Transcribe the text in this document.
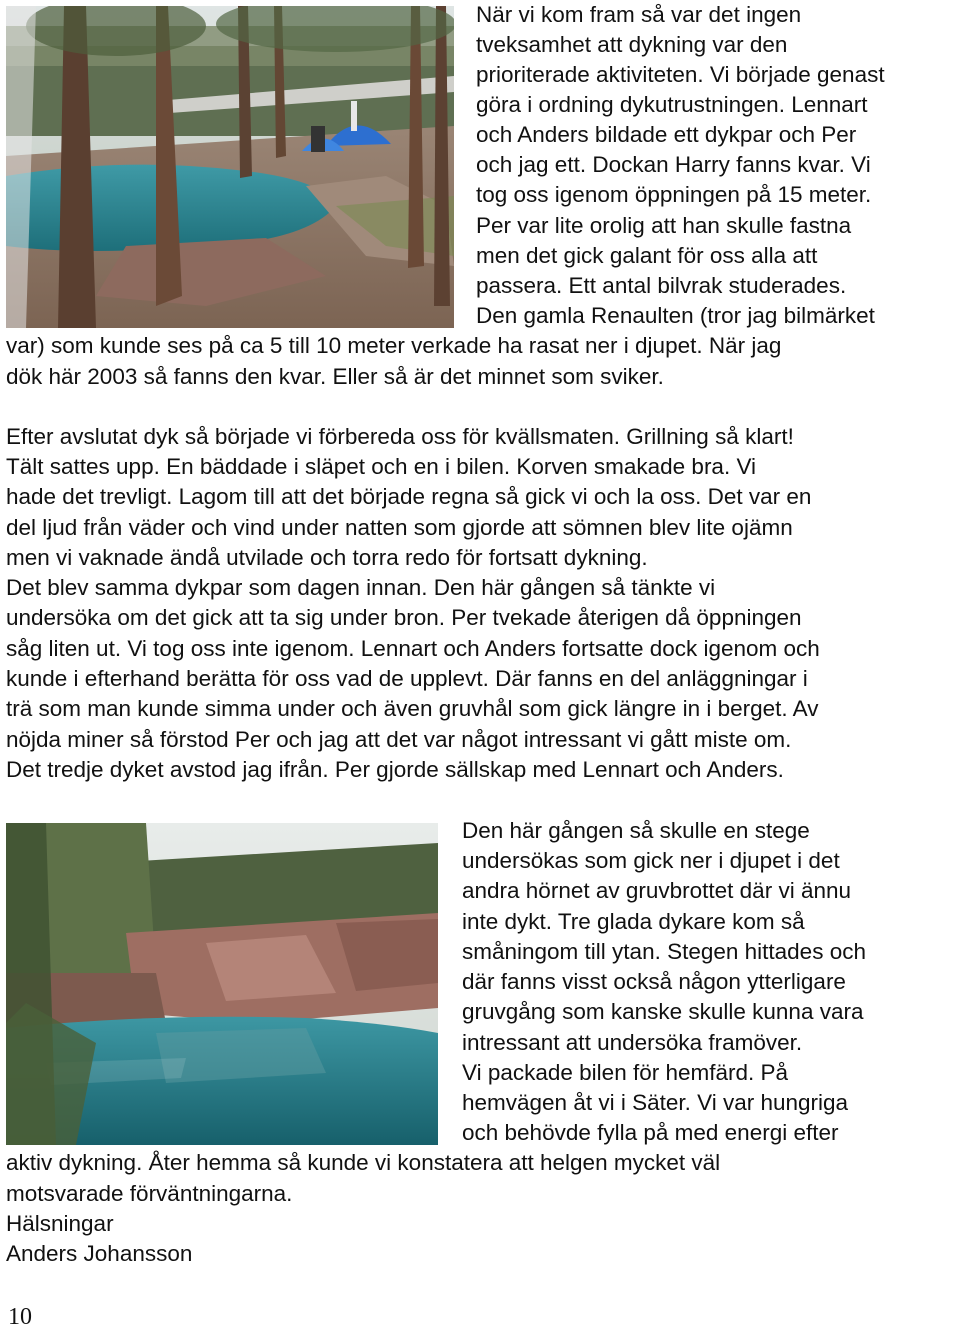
När vi kom fram så var det ingen

tveksamhet att dykning var den

prioriterade aktiviteten. Vi började genast

göra i ordning dykutrustningen. Lennart

och Anders bildade ett dykpar och Per

och jag ett. Dockan Harry fanns kvar. Vi

tog oss igenom öppningen på 15 meter.

Per var lite orolig att han skulle fastna

men det gick galant för oss alla att

passera. Ett antal bilvrak studerades.

Den gamla Renaulten (tror jag bilmärket

var) som kunde ses på ca 5 till 10 meter verkade ha rasat ner i djupet. När jag

dök här 2003 så fanns den kvar. Eller så är det minnet som sviker.

Efter avslutat dyk så började vi förbereda oss för kvällsmaten. Grillning så klart!

Tält sattes upp. En bäddade i släpet och en i bilen. Korven smakade bra. Vi

hade det trevligt. Lagom till att det började regna så gick vi och la oss. Det var en

del ljud från väder och vind under natten som gjorde att sömnen blev lite ojämn

men vi vaknade ändå utvilade och torra redo för fortsatt dykning.

Det blev samma dykpar som dagen innan. Den här gången så tänkte vi

undersöka om det gick att ta sig under bron. Per tvekade återigen då öppningen

såg liten ut. Vi tog oss inte igenom. Lennart och Anders fortsatte dock igenom och

kunde i efterhand berätta för oss vad de upplevt. Där fanns en del anläggningar i

trä som man kunde simma under och även gruvhål som gick längre in i berget. Av

nöjda miner så förstod Per och jag att det var något intressant vi gått miste om.

Det tredje dyket avstod jag ifrån. Per gjorde sällskap med Lennart och Anders.

Den här gången så skulle en stege

undersökas som gick ner i djupet i det

andra hörnet av gruvbrottet där vi ännu

inte dykt. Tre glada dykare kom så

småningom till ytan. Stegen hittades och

där fanns visst också någon ytterligare

gruvgång som kanske skulle kunna vara

intressant att undersöka framöver.

Vi packade bilen för hemfärd. På

hemvägen åt vi i Säter. Vi var hungriga

och behövde fylla på med energi efter

aktiv dykning. Åter hemma så kunde vi konstatera att helgen mycket väl

motsvarade förväntningarna.

Hälsningar

Anders Johansson

10
